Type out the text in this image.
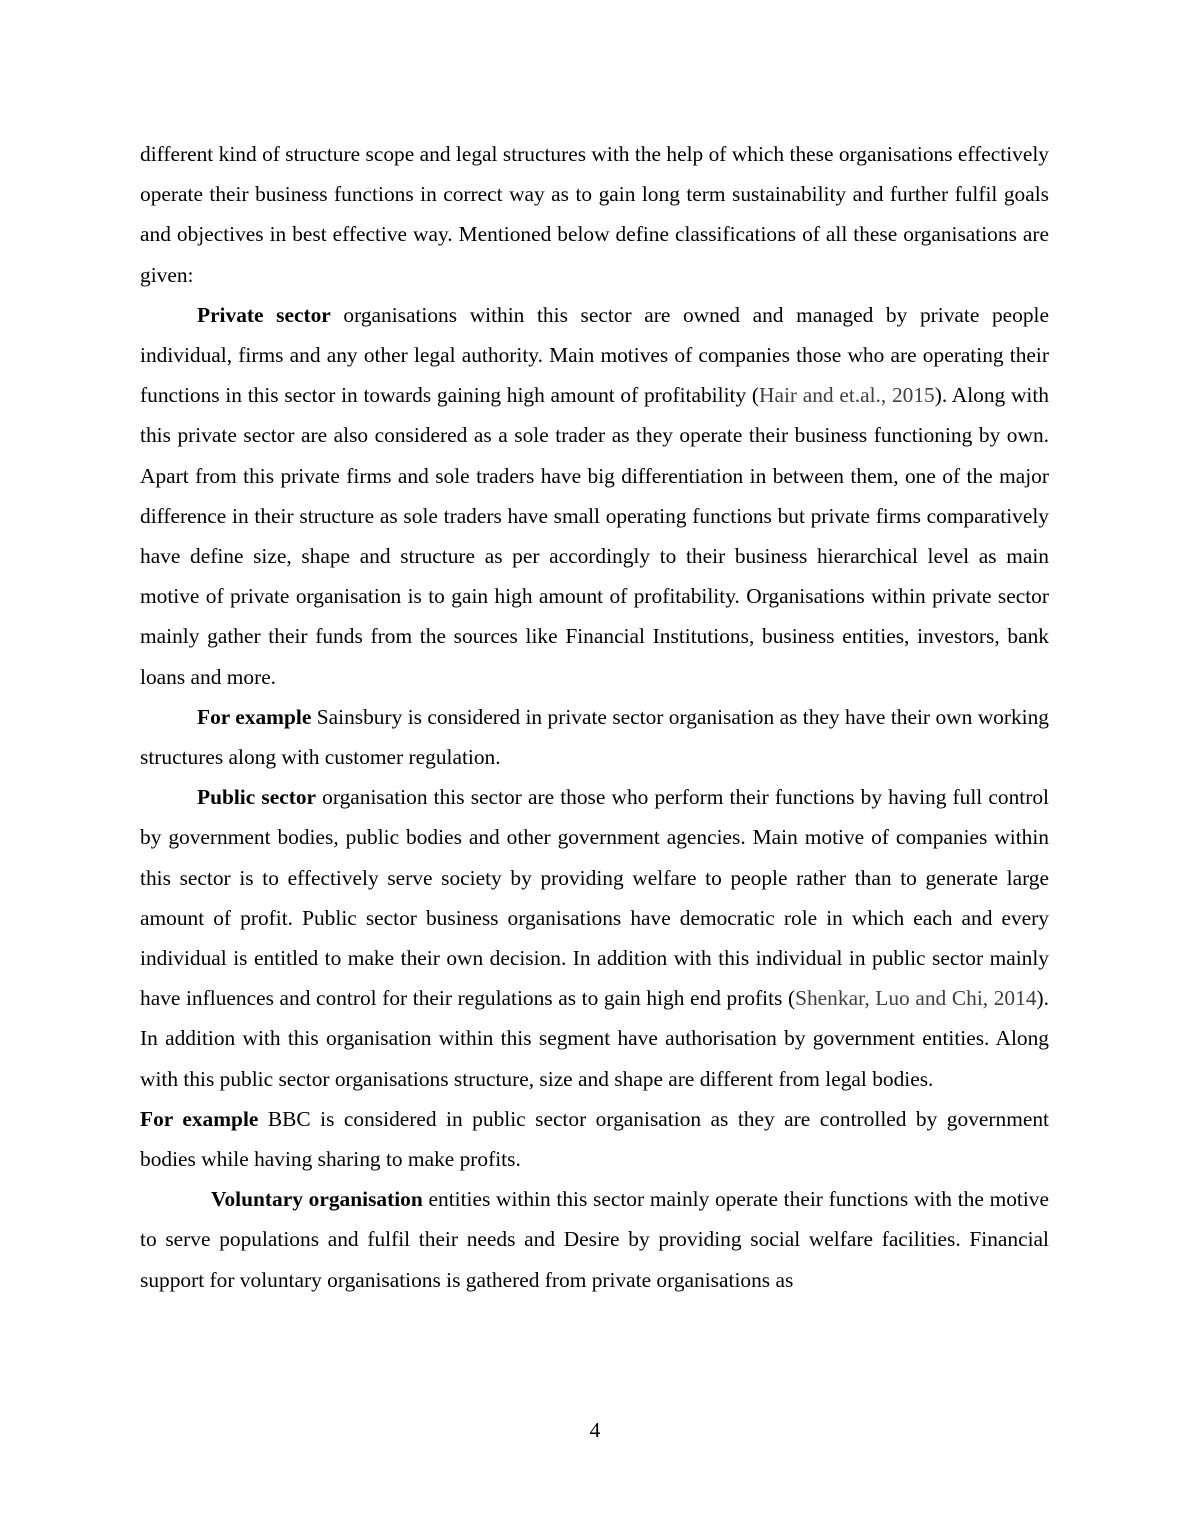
different kind of structure scope and legal structures with the help of which these organisations effectively operate their business functions in correct way as to gain long term sustainability and further fulfil goals and objectives in best effective way. Mentioned below define classifications of all these organisations are given:

Private sector organisations within this sector are owned and managed by private people individual, firms and any other legal authority. Main motives of companies those who are operating their functions in this sector in towards gaining high amount of profitability (Hair and et.al., 2015). Along with this private sector are also considered as a sole trader as they operate their business functioning by own. Apart from this private firms and sole traders have big differentiation in between them, one of the major difference in their structure as sole traders have small operating functions but private firms comparatively have define size, shape and structure as per accordingly to their business hierarchical level as main motive of private organisation is to gain high amount of profitability. Organisations within private sector mainly gather their funds from the sources like Financial Institutions, business entities, investors, bank loans and more.

For example Sainsbury is considered in private sector organisation as they have their own working structures along with customer regulation.

Public sector organisation this sector are those who perform their functions by having full control by government bodies, public bodies and other government agencies. Main motive of companies within this sector is to effectively serve society by providing welfare to people rather than to generate large amount of profit. Public sector business organisations have democratic role in which each and every individual is entitled to make their own decision. In addition with this individual in public sector mainly have influences and control for their regulations as to gain high end profits (Shenkar, Luo and Chi, 2014). In addition with this organisation within this segment have authorisation by government entities. Along with this public sector organisations structure, size and shape are different from legal bodies.

For example BBC is considered in public sector organisation as they are controlled by government bodies while having sharing to make profits.

Voluntary organisation entities within this sector mainly operate their functions with the motive to serve populations and fulfil their needs and Desire by providing social welfare facilities. Financial support for voluntary organisations is gathered from private organisations as

4
